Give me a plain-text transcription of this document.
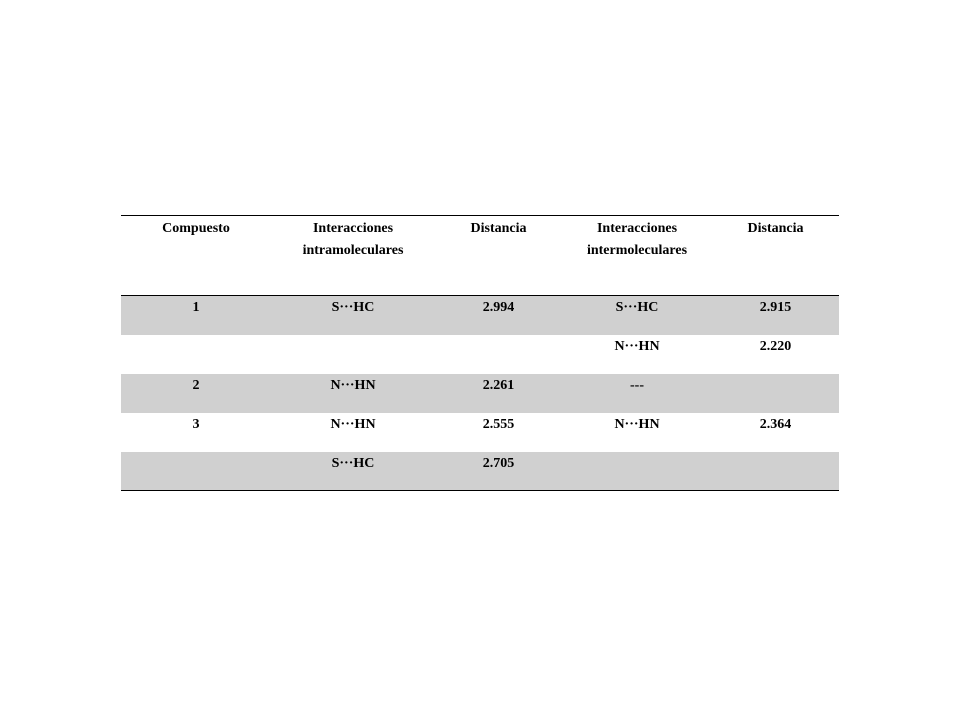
Compuesto	Interacciones intramoleculares	Distancia	Interacciones intermoleculares	Distancia
1	S···HC	2.994	S···HC	2.915
			N···HN	2.220
2	N···HN	2.261	---	
3	N···HN	2.555	N···HN	2.364
	S···HC	2.705		
